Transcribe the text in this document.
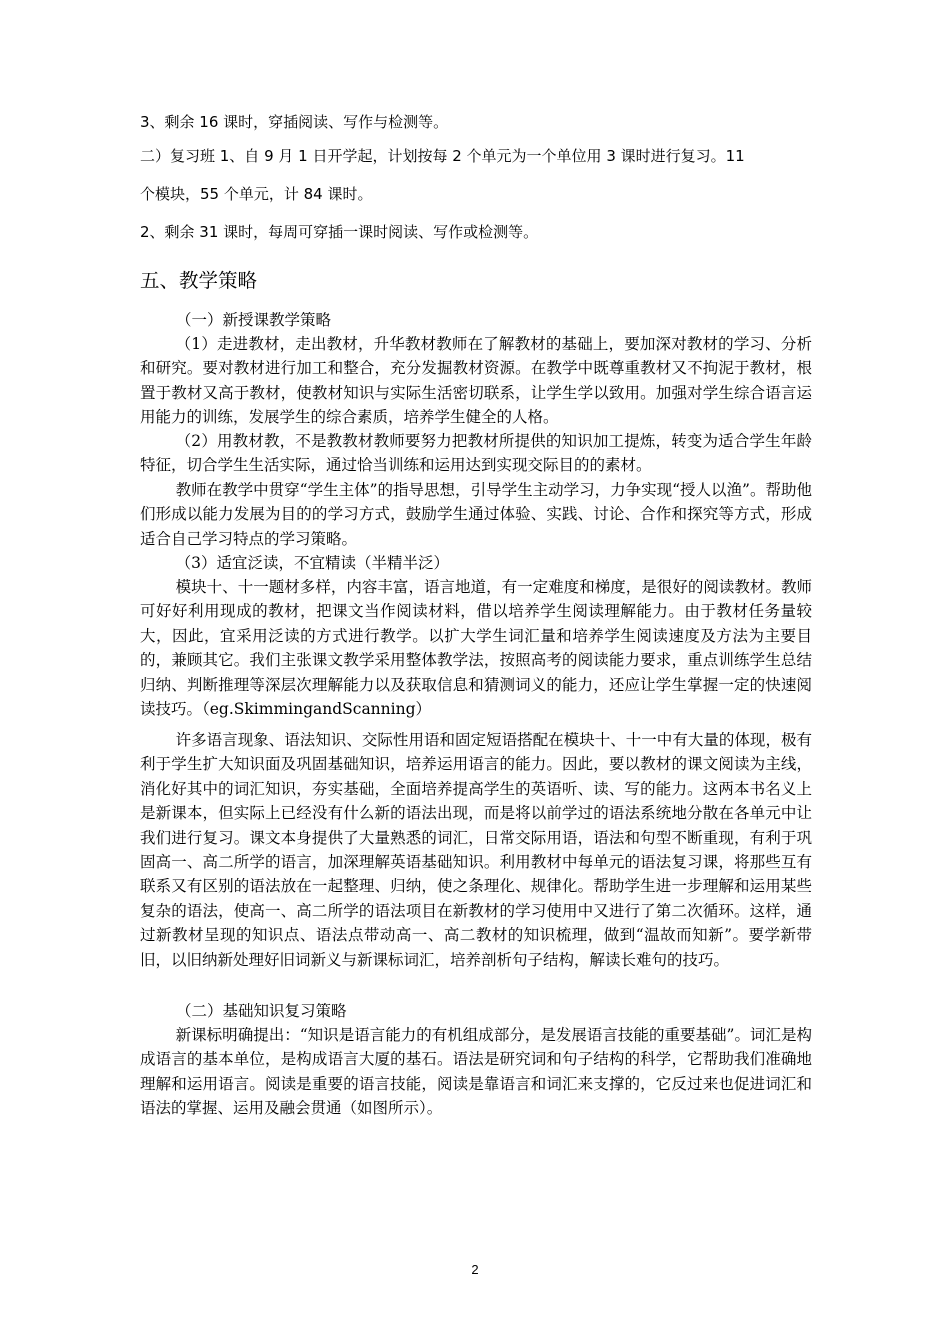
3、剩余 16 课时，穿插阅读、写作与检测等。
二）复习班 1、自 9 月 1 日开学起，计划按每 2 个单元为一个单位用 3 课时进行复习。11
个模块，55 个单元，计 84 课时。
2、剩余 31 课时，每周可穿插一课时阅读、写作或检测等。
五、教学策略
（一）新授课教学策略

（1）走进教材，走出教材，升华教材教师在了解教材的基础上，要加深对教材的学习、分析和研究。要对教材进行加工和整合，充分发掘教材资源。在教学中既尊重教材又不拘泥于教材，根置于教材又高于教材，使教材知识与实际生活密切联系，让学生学以致用。加强对学生综合语言运用能力的训练，发展学生的综合素质，培养学生健全的人格。

（2）用教材教，不是教教材教师要努力把教材所提供的知识加工提炼，转变为适合学生年龄特征，切合学生生活实际，通过恰当训练和运用达到实现交际目的的素材。

教师在教学中贯穿“学生主体”的指导思想，引导学生主动学习，力争实现“授人以渔”。帮助他们形成以能力发展为目的的学习方式，鼓励学生通过体验、实践、讨论、合作和探究等方式，形成适合自己学习特点的学习策略。

（3）适宜泛读，不宜精读（半精半泛）

模块十、十一题材多样，内容丰富，语言地道，有一定难度和梯度，是很好的阅读教材。教师可好好利用现成的教材，把课文当作阅读材料，借以培养学生阅读理解能力。由于教材任务量较大，因此，宜采用泛读的方式进行教学。以扩大学生词汇量和培养学生阅读速度及方法为主要目的，兼顾其它。我们主张课文教学采用整体教学法，按照高考的阅读能力要求，重点训练学生总结归纳、判断推理等深层次理解能力以及获取信息和猜测词义的能力，还应让学生掌握一定的快速阅读技巧。（eg.SkimmingandScanning）

许多语言现象、语法知识、交际性用语和固定短语搭配在模块十、十一中有大量的体现，极有利于学生扩大知识面及巩固基础知识，培养运用语言的能力。因此，要以教材的课文阅读为主线，消化好其中的词汇知识，夯实基础，全面培养提高学生的英语听、读、写的能力。这两本书名义上是新课本，但实际上已经没有什么新的语法出现，而是将以前学过的语法系统地分散在各单元中让我们进行复习。课文本身提供了大量熟悉的词汇，日常交际用语，语法和句型不断重现，有利于巩固高一、高二所学的语言，加深理解英语基础知识。利用教材中每单元的语法复习课，将那些互有联系又有区别的语法放在一起整理、归纳，使之条理化、规律化。帮助学生进一步理解和运用某些复杂的语法，使高一、高二所学的语法项目在新教材的学习使用中又进行了第二次循环。这样，通过新教材呈现的知识点、语法点带动高一、高二教材的知识梳理，做到“温故而知新”。要学新带旧，以旧纳新处理好旧词新义与新课标词汇，培养剖析句子结构，解读长难句的技巧。

（二）基础知识复习策略

新课标明确提出：“知识是语言能力的有机组成部分，是发展语言技能的重要基础”。词汇是构成语言的基本单位，是构成语言大厦的基石。语法是研究词和句子结构的科学，它帮助我们准确地理解和运用语言。阅读是重要的语言技能，阅读是靠语言和词汇来支撑的，它反过来也促进词汇和语法的掌握、运用及融会贯通（如图所示）。

2
